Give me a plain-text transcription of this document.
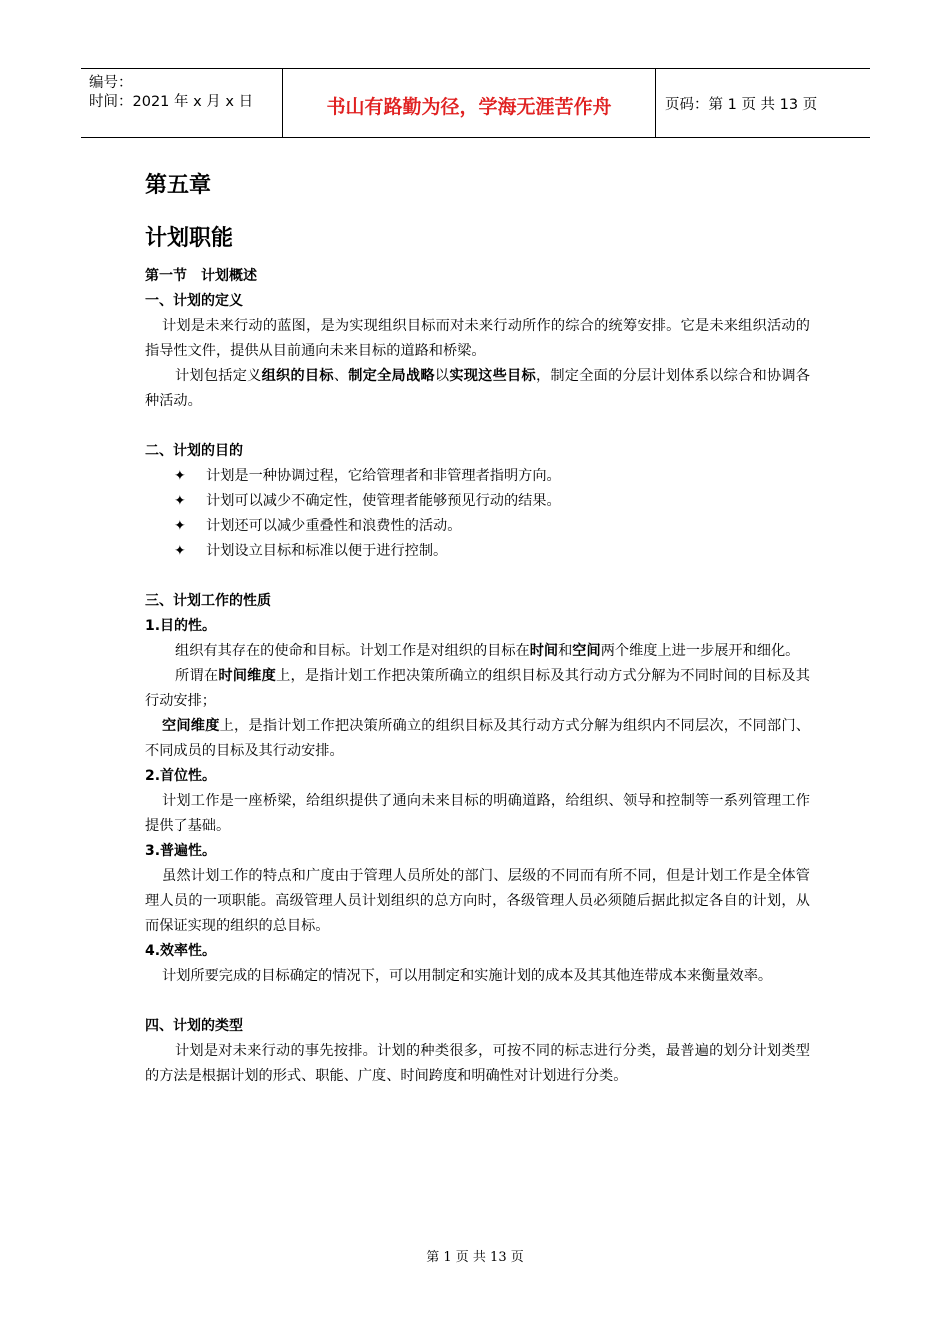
编号：
时间：2021 年 x 月 x 日	书山有路勤为径，学海无涯苦作舟	页码：第 1 页 共 13 页
第五章
计划职能
第一节　计划概述
一、计划的定义
计划是未来行动的蓝图，是为实现组织目标而对未来行动所作的综合的统筹安排。它是未来组织活动的指导性文件，提供从目前通向未来目标的道路和桥梁。
计划包括定义组织的目标、制定全局战略以实现这些目标，制定全面的分层计划体系以综合和协调各种活动。
二、计划的目的
✦ 计划是一种协调过程，它给管理者和非管理者指明方向。
✦ 计划可以减少不确定性，使管理者能够预见行动的结果。
✦ 计划还可以减少重叠性和浪费性的活动。
✦ 计划设立目标和标准以便于进行控制。
三、计划工作的性质
1.目的性。
组织有其存在的使命和目标。计划工作是对组织的目标在时间和空间两个维度上进一步展开和细化。
所谓在时间维度上，是指计划工作把决策所确立的组织目标及其行动方式分解为不同时间的目标及其行动安排；
空间维度上，是指计划工作把决策所确立的组织目标及其行动方式分解为组织内不同层次，不同部门、不同成员的目标及其行动安排。
2.首位性。
计划工作是一座桥梁，给组织提供了通向未来目标的明确道路，给组织、领导和控制等一系列管理工作提供了基础。
3.普遍性。
虽然计划工作的特点和广度由于管理人员所处的部门、层级的不同而有所不同，但是计划工作是全体管理人员的一项职能。高级管理人员计划组织的总方向时，各级管理人员必须随后据此拟定各自的计划，从而保证实现的组织的总目标。
4.效率性。
计划所要完成的目标确定的情况下，可以用制定和实施计划的成本及其其他连带成本来衡量效率。
四、计划的类型
计划是对未来行动的事先按排。计划的种类很多，可按不同的标志进行分类，最普遍的划分计划类型的方法是根据计划的形式、职能、广度、时间跨度和明确性对计划进行分类。
第 1 页 共 13 页
